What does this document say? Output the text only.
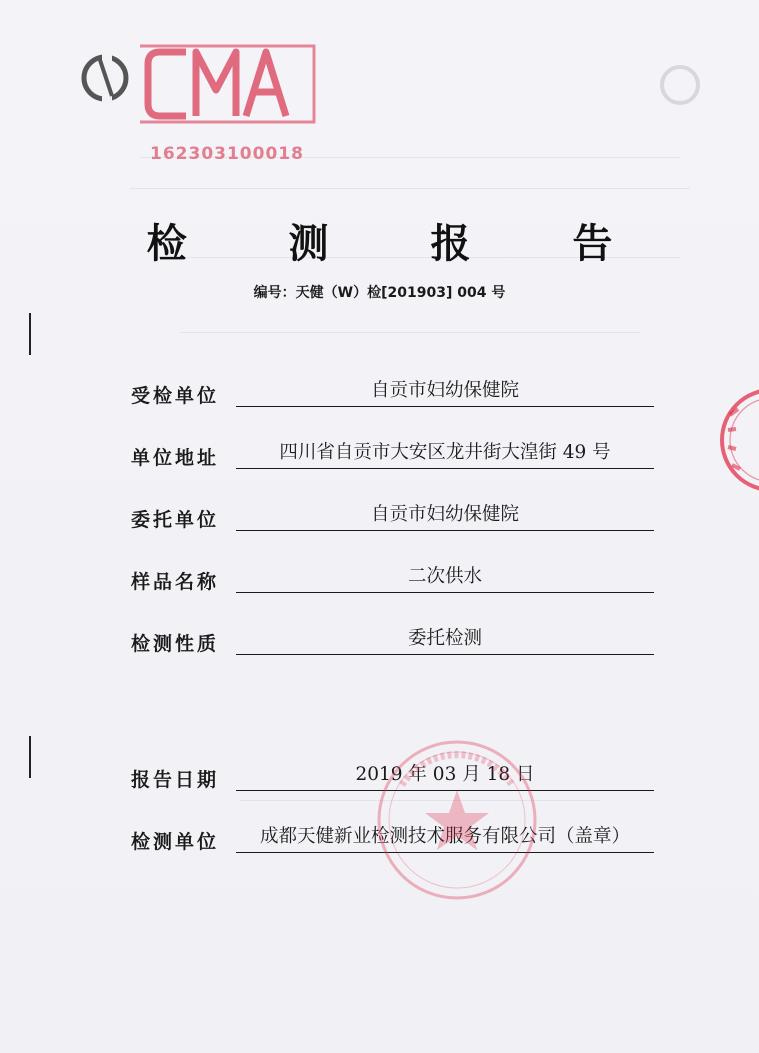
162303100018
检 测 报 告
编号：天健（W）检[201903] 004 号
受检单位	自贡市妇幼保健院
单位地址	四川省自贡市大安区龙井街大湟街 49 号
委托单位	自贡市妇幼保健院
样品名称	二次供水
检测性质	委托检测
报告日期	2019 年 03 月 18 日
检测单位	成都天健新业检测技术服务有限公司（盖章）
